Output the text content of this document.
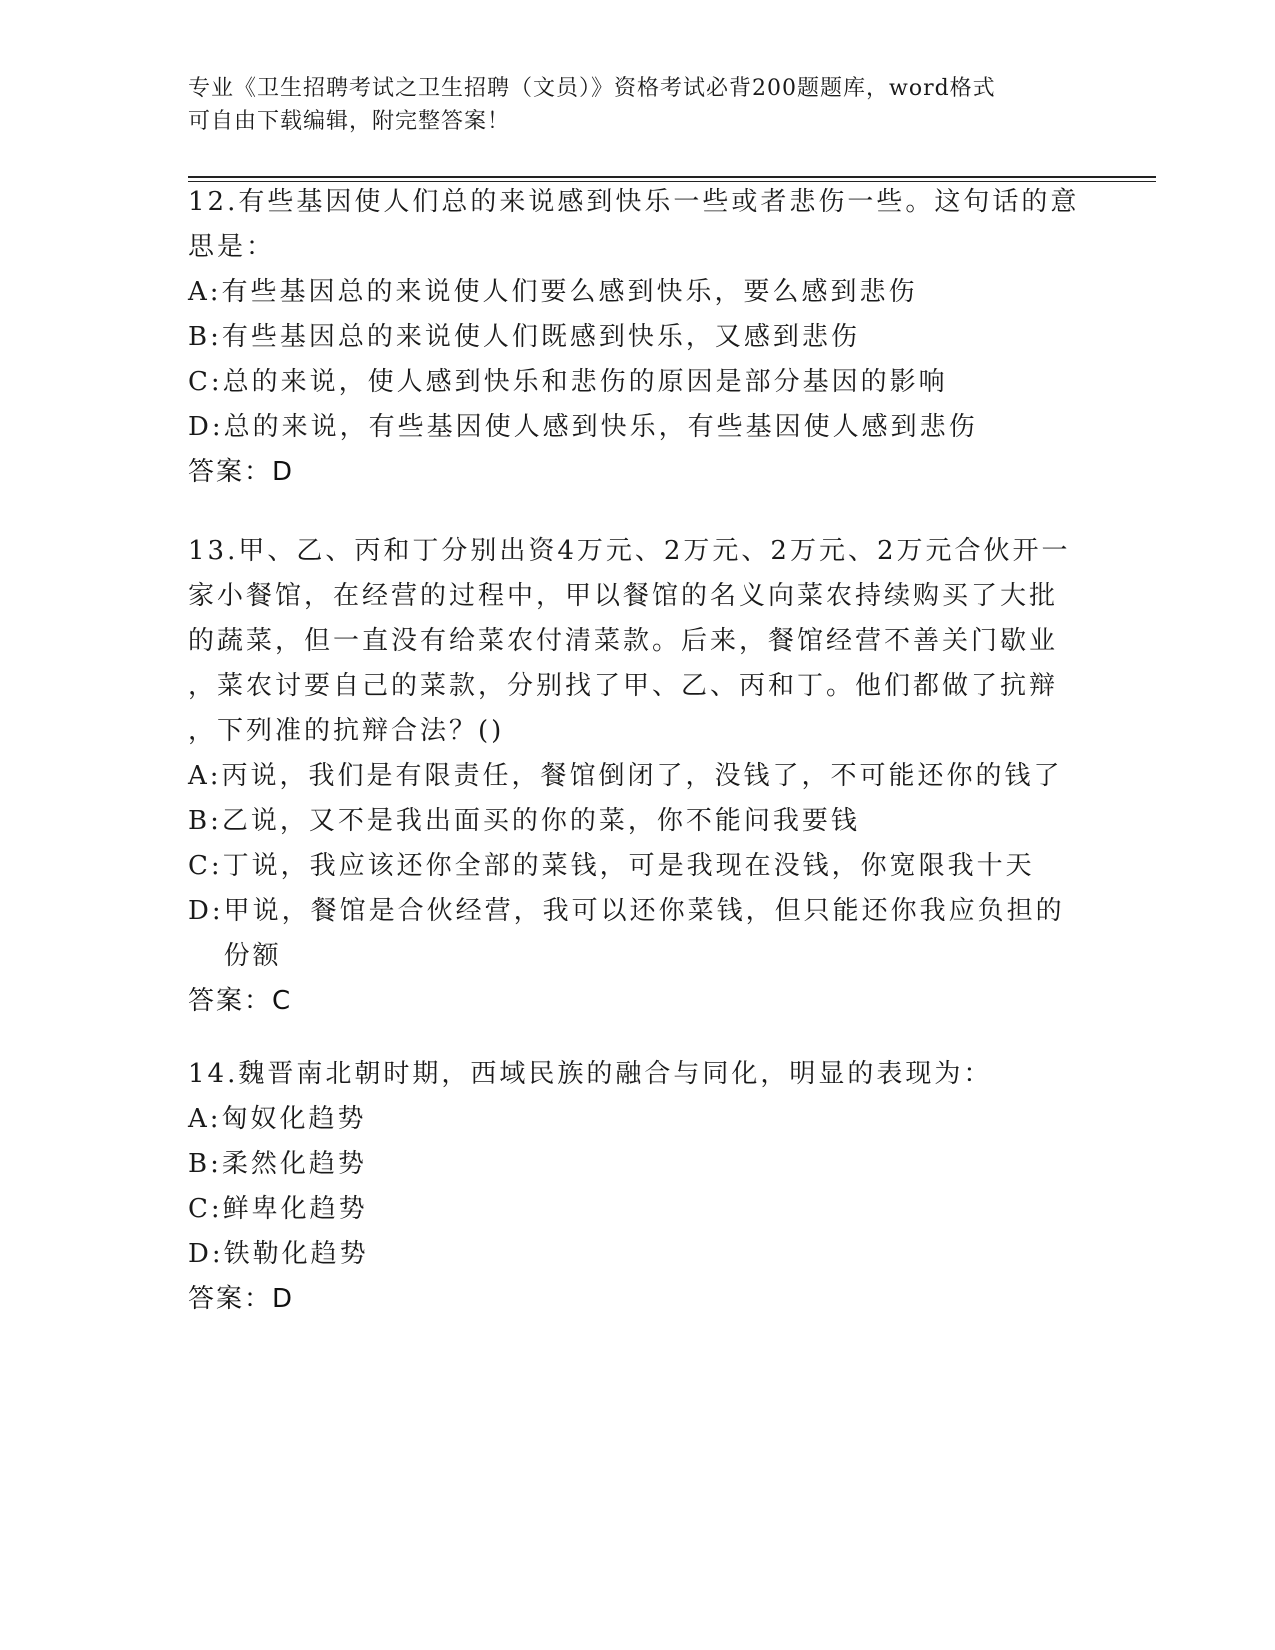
专业《卫生招聘考试之卫生招聘（文员）》资格考试必背200题题库，word格式
可自由下载编辑，附完整答案！

12.有些基因使人们总的来说感到快乐一些或者悲伤一些。这句话的意
思是：

A: 有些基因总的来说使人们要么感到快乐，要么感到悲伤
B: 有些基因总的来说使人们既感到快乐，又感到悲伤
C: 总的来说，使人感到快乐和悲伤的原因是部分基因的影响
D: 总的来说，有些基因使人感到快乐，有些基因使人感到悲伤

答案：D

13.甲、乙、丙和丁分别出资4万元、2万元、2万元、2万元合伙开一
家小餐馆，在经营的过程中，甲以餐馆的名义向菜农持续购买了大批
的蔬菜，但一直没有给菜农付清菜款。后来，餐馆经营不善关门歇业
，菜农讨要自己的菜款，分别找了甲、乙、丙和丁。他们都做了抗辩
，下列准的抗辩合法？()

A: 丙说，我们是有限责任，餐馆倒闭了，没钱了，不可能还你的钱了
B: 乙说，又不是我出面买的你的菜，你不能问我要钱
C: 丁说，我应该还你全部的菜钱，可是我现在没钱，你宽限我十天
D: 甲说，餐馆是合伙经营，我可以还你菜钱，但只能还你我应负担的
份额

答案：C

14.魏晋南北朝时期，西域民族的融合与同化，明显的表现为：

A: 匈奴化趋势
B: 柔然化趋势
C: 鲜卑化趋势
D: 铁勒化趋势

答案：D
